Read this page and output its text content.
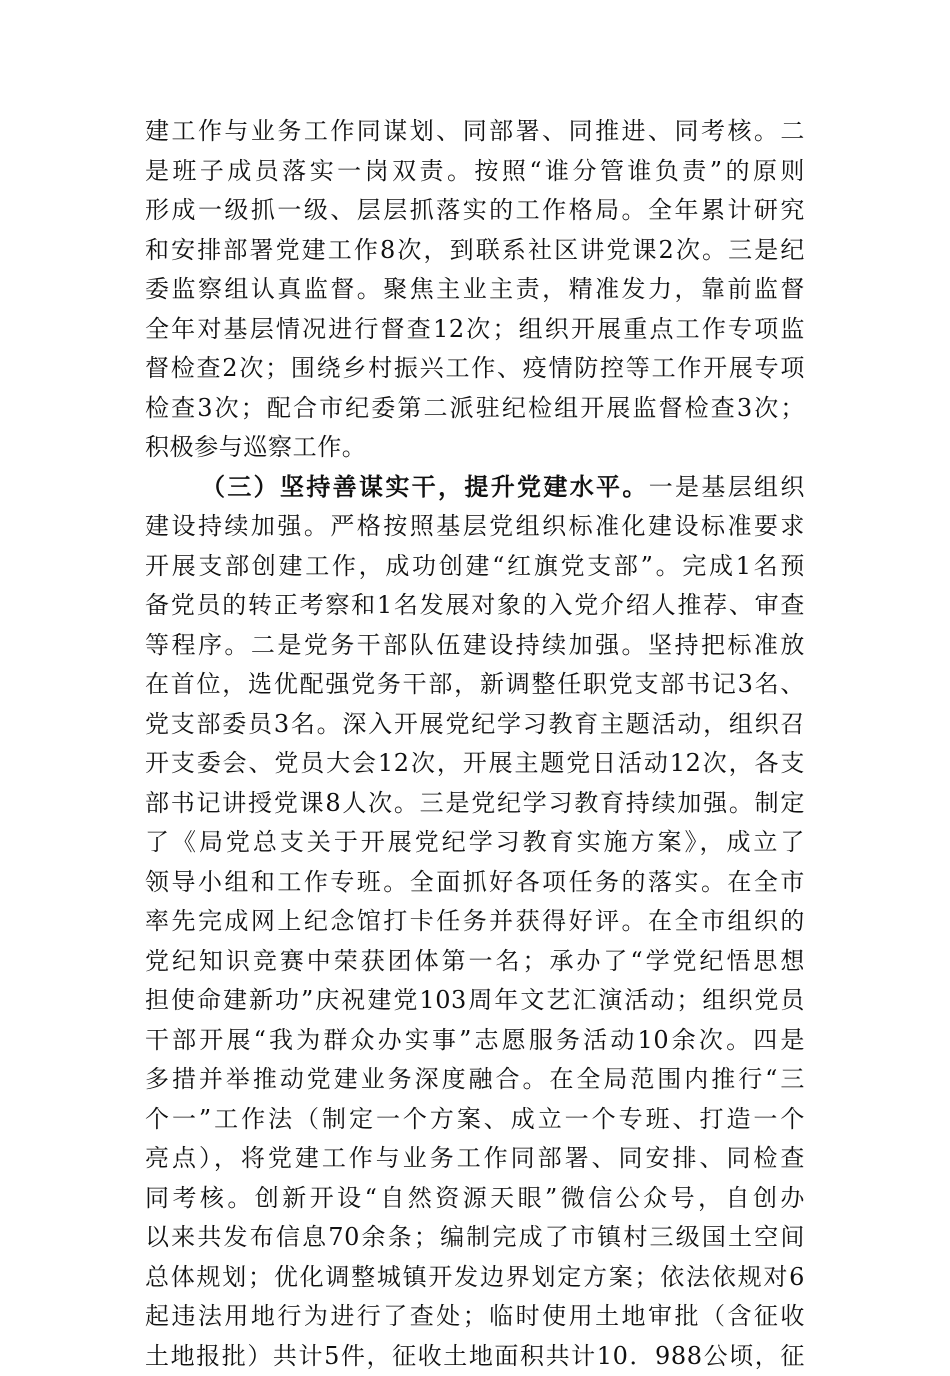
建工作与业务工作同谋划、同部署、同推进、同考核。二
是班子成员落实一岗双责。按照“谁分管谁负责”的原则
形成一级抓一级、层层抓落实的工作格局。全年累计研究
和安排部署党建工作8次，到联系社区讲党课2次。三是纪
委监察组认真监督。聚焦主业主责，精准发力，靠前监督
全年对基层情况进行督查12次；组织开展重点工作专项监
督检查2次；围绕乡村振兴工作、疫情防控等工作开展专项
检查3次；配合市纪委第二派驻纪检组开展监督检查3次；
积极参与巡察工作。
（三）坚持善谋实干，提升党建水平。一是基层组织
建设持续加强。严格按照基层党组织标准化建设标准要求
开展支部创建工作，成功创建“红旗党支部”。完成1名预
备党员的转正考察和1名发展对象的入党介绍人推荐、审查
等程序。二是党务干部队伍建设持续加强。坚持把标准放
在首位，选优配强党务干部，新调整任职党支部书记3名、
党支部委员3名。深入开展党纪学习教育主题活动，组织召
开支委会、党员大会12次，开展主题党日活动12次，各支
部书记讲授党课8人次。三是党纪学习教育持续加强。制定
了《局党总支关于开展党纪学习教育实施方案》，成立了
领导小组和工作专班。全面抓好各项任务的落实。在全市
率先完成网上纪念馆打卡任务并获得好评。在全市组织的
党纪知识竞赛中荣获团体第一名；承办了“学党纪悟思想
担使命建新功”庆祝建党103周年文艺汇演活动；组织党员
干部开展“我为群众办实事”志愿服务活动10余次。四是
多措并举推动党建业务深度融合。在全局范围内推行“三
个一”工作法（制定一个方案、成立一个专班、打造一个
亮点），将党建工作与业务工作同部署、同安排、同检查
同考核。创新开设“自然资源天眼”微信公众号，自创办
以来共发布信息70余条；编制完成了市镇村三级国土空间
总体规划；优化调整城镇开发边界划定方案；依法依规对6
起违法用地行为进行了查处；临时使用土地审批（含征收
土地报批）共计5件，征收土地面积共计10．988公顷，征
